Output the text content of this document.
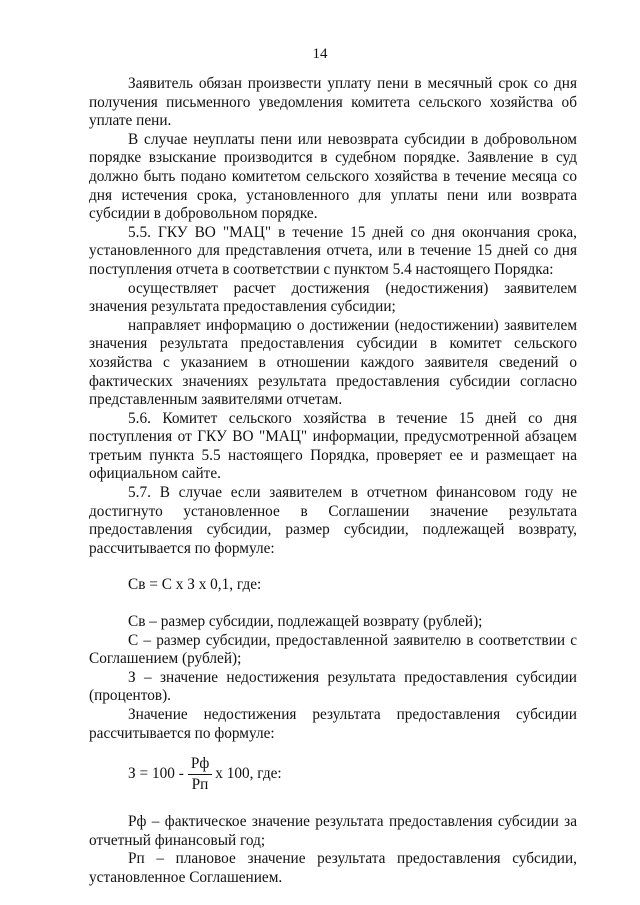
14

Заявитель обязан произвести уплату пени в месячный срок со дня получения письменного уведомления комитета сельского хозяйства об уплате пени.

В случае неуплаты пени или невозврата субсидии в добровольном порядке взыскание производится в судебном порядке. Заявление в суд должно быть подано комитетом сельского хозяйства в течение месяца со дня истечения срока, установленного для уплаты пени или возврата субсидии в добровольном порядке.

5.5. ГКУ ВО "МАЦ" в течение 15 дней со дня окончания срока, установленного для представления отчета, или в течение 15 дней со дня поступления отчета в соответствии с пунктом 5.4 настоящего Порядка:

осуществляет расчет достижения (недостижения) заявителем значения результата предоставления субсидии;

направляет информацию о достижении (недостижении) заявителем значения результата предоставления субсидии в комитет сельского хозяйства с указанием в отношении каждого заявителя сведений о фактических значениях результата предоставления субсидии согласно представленным заявителями отчетам.

5.6. Комитет сельского хозяйства в течение 15 дней со дня поступления от ГКУ ВО "МАЦ" информации, предусмотренной абзацем третьим пункта 5.5 настоящего Порядка, проверяет ее и размещает на официальном сайте.

5.7. В случае если заявителем в отчетном финансовом году не достигнуто установленное в Соглашении значение результата предоставления субсидии, размер субсидии, подлежащей возврату, рассчитывается по формуле:

Св = С х З х 0,1, где:

Св – размер субсидии, подлежащей возврату (рублей);

С – размер субсидии, предоставленной заявителю в соответствии с Соглашением (рублей);

З – значение недостижения результата предоставления субсидии (процентов).

Значение недостижения результата предоставления субсидии рассчитывается по формуле:

$З = 100 - \frac{Рф}{Рп}$ х 100, где:

Рф – фактическое значение результата предоставления субсидии за отчетный финансовый год;

Рп – плановое значение результата предоставления субсидии, установленное Соглашением.
